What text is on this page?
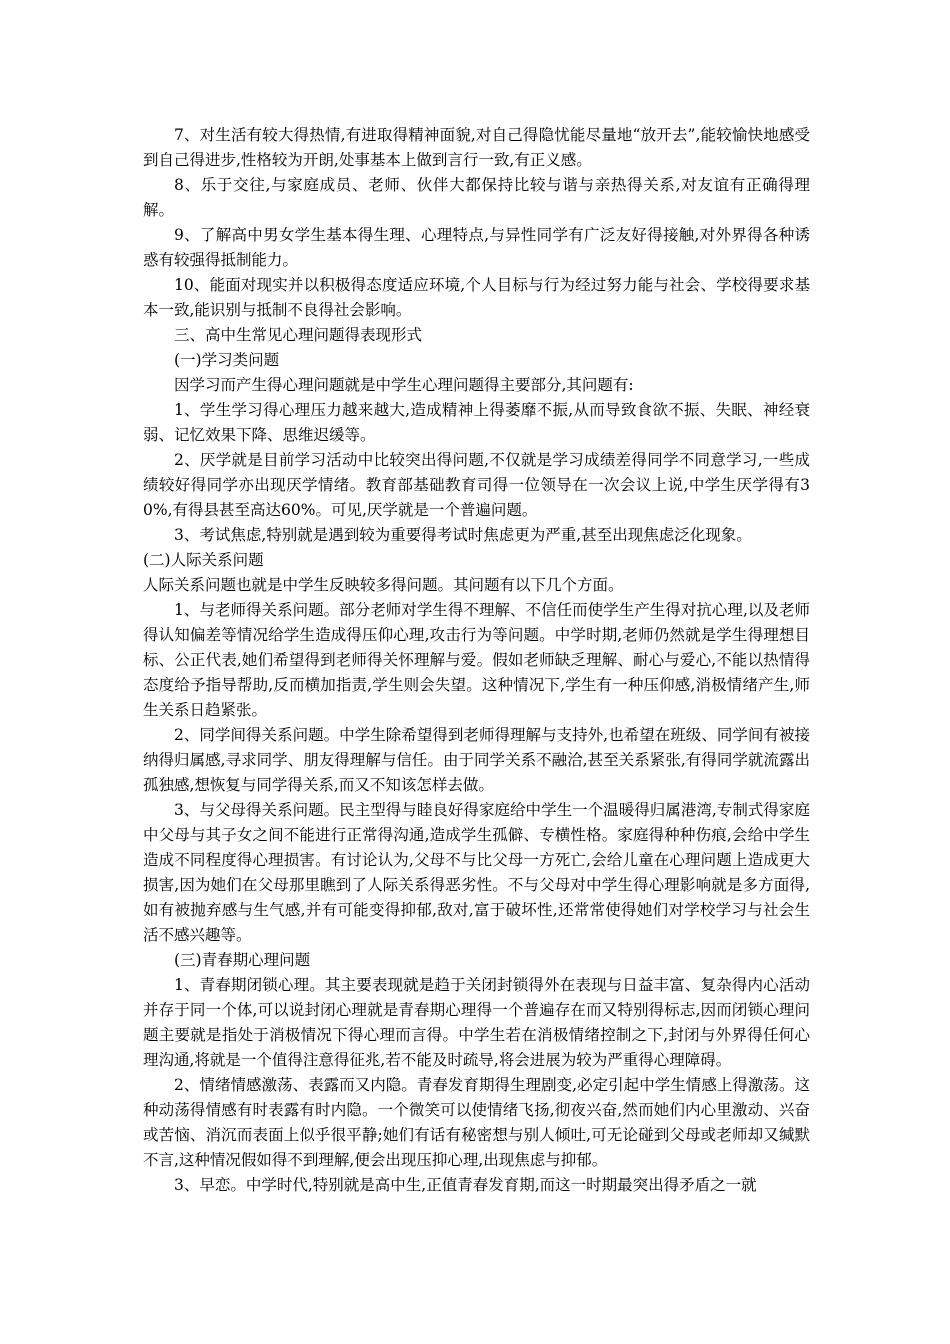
7、对生活有较大得热情,有进取得精神面貌,对自己得隐忧能尽量地“放开去”,能较愉快地感受到自己得进步,性格较为开朗,处事基本上做到言行一致,有正义感。

8、乐于交往,与家庭成员、老师、伙伴大都保持比较与谐与亲热得关系,对友谊有正确得理解。

9、了解高中男女学生基本得生理、心理特点,与异性同学有广泛友好得接触,对外界得各种诱惑有较强得抵制能力。

10、能面对现实并以积极得态度适应环境,个人目标与行为经过努力能与社会、学校得要求基本一致,能识别与抵制不良得社会影响。

三、高中生常见心理问题得表现形式

(一)学习类问题

因学习而产生得心理问题就是中学生心理问题得主要部分,其问题有:

1、学生学习得心理压力越来越大,造成精神上得萎靡不振,从而导致食欲不振、失眠、神经衰弱、记忆效果下降、思维迟缓等。

2、厌学就是目前学习活动中比较突出得问题,不仅就是学习成绩差得同学不同意学习,一些成绩较好得同学亦出现厌学情绪。教育部基础教育司得一位领导在一次会议上说,中学生厌学得有30%,有得县甚至高达60%。可见,厌学就是一个普遍问题。

3、考试焦虑,特别就是遇到较为重要得考试时焦虑更为严重,甚至出现焦虑泛化现象。

(二)人际关系问题

人际关系问题也就是中学生反映较多得问题。其问题有以下几个方面。

1、与老师得关系问题。部分老师对学生得不理解、不信任而使学生产生得对抗心理,以及老师得认知偏差等情况给学生造成得压仰心理,攻击行为等问题。中学时期,老师仍然就是学生得理想目标、公正代表,她们希望得到老师得关怀理解与爱。假如老师缺乏理解、耐心与爱心,不能以热情得态度给予指导帮助,反而横加指责,学生则会失望。这种情况下,学生有一种压仰感,消极情绪产生,师生关系日趋紧张。

2、同学间得关系问题。中学生除希望得到老师得理解与支持外,也希望在班级、同学间有被接纳得归属感,寻求同学、朋友得理解与信任。由于同学关系不融洽,甚至关系紧张,有得同学就流露出孤独感,想恢复与同学得关系,而又不知该怎样去做。

3、与父母得关系问题。民主型得与睦良好得家庭给中学生一个温暖得归属港湾,专制式得家庭中父母与其子女之间不能进行正常得沟通,造成学生孤僻、专横性格。家庭得种种伤痕,会给中学生造成不同程度得心理损害。有讨论认为,父母不与比父母一方死亡,会给儿童在心理问题上造成更大损害,因为她们在父母那里瞧到了人际关系得恶劣性。不与父母对中学生得心理影响就是多方面得,如有被抛弃感与生气感,并有可能变得抑郁,敌对,富于破坏性,还常常使得她们对学校学习与社会生活不感兴趣等。

(三)青春期心理问题

1、青春期闭锁心理。其主要表现就是趋于关闭封锁得外在表现与日益丰富、复杂得内心活动并存于同一个体,可以说封闭心理就是青春期心理得一个普遍存在而又特别得标志,因而闭锁心理问题主要就是指处于消极情况下得心理而言得。中学生若在消极情绪控制之下,封闭与外界得任何心理沟通,将就是一个值得注意得征兆,若不能及时疏导,将会进展为较为严重得心理障碍。

2、情绪情感激荡、表露而又内隐。青春发育期得生理剧变,必定引起中学生情感上得激荡。这种动荡得情感有时表露有时内隐。一个微笑可以使情绪飞扬,彻夜兴奋,然而她们内心里激动、兴奋或苦恼、消沉而表面上似乎很平静;她们有话有秘密想与别人倾吐,可无论碰到父母或老师却又缄默不言,这种情况假如得不到理解,便会出现压抑心理,出现焦虑与抑郁。

3、早恋。中学时代,特别就是高中生,正值青春发育期,而这一时期最突出得矛盾之一就
